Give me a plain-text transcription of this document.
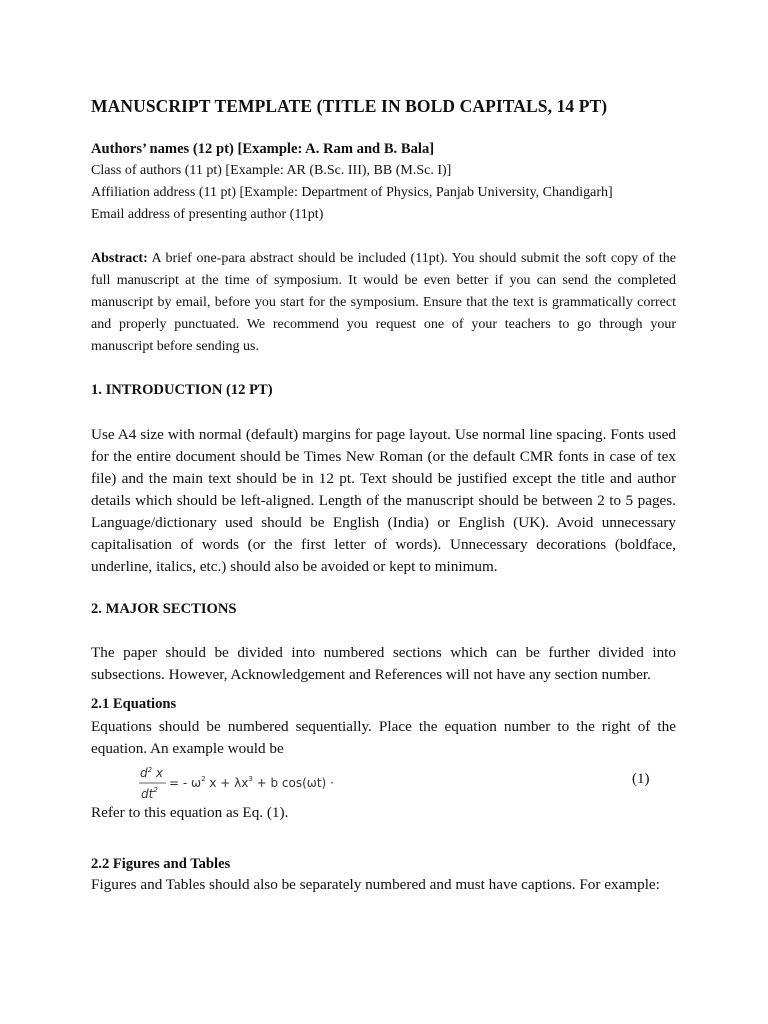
MANUSCRIPT TEMPLATE (TITLE IN BOLD CAPITALS, 14 PT)
Authors’ names (12 pt) [Example: A. Ram and B. Bala]
Class of authors (11 pt) [Example: AR (B.Sc. III), BB (M.Sc. I)]
Affiliation address (11 pt) [Example: Department of Physics, Panjab University, Chandigarh]
Email address of presenting author (11pt)
Abstract: A brief one-para abstract should be included (11pt). You should submit the soft copy of the full manuscript at the time of symposium. It would be even better if you can send the completed manuscript by email, before you start for the symposium. Ensure that the text is grammatically correct and properly punctuated. We recommend you request one of your teachers to go through your manuscript before sending us.
1. INTRODUCTION (12 PT)
Use A4 size with normal (default) margins for page layout. Use normal line spacing. Fonts used for the entire document should be Times New Roman (or the default CMR fonts in case of tex file) and the main text should be in 12 pt. Text should be justified except the title and author details which should be left-aligned. Length of the manuscript should be between 2 to 5 pages. Language/dictionary used should be English (India) or English (UK). Avoid unnecessary capitalisation of words (or the first letter of words). Unnecessary decorations (boldface, underline, italics, etc.) should also be avoided or kept to minimum.
2. MAJOR SECTIONS
The paper should be divided into numbered sections which can be further divided into subsections. However, Acknowledgement and References will not have any section number.
2.1 Equations
Equations should be numbered sequentially. Place the equation number to the right of the equation. An example would be
$d^2$ x
$dt^2$ = - $\omega^2$ $x + \lambda x^3 + b$ cos(ωt) ·	(1)
Refer to this equation as Eq. (1).
2.2 Figures and Tables
Figures and Tables should also be separately numbered and must have captions. For example:
